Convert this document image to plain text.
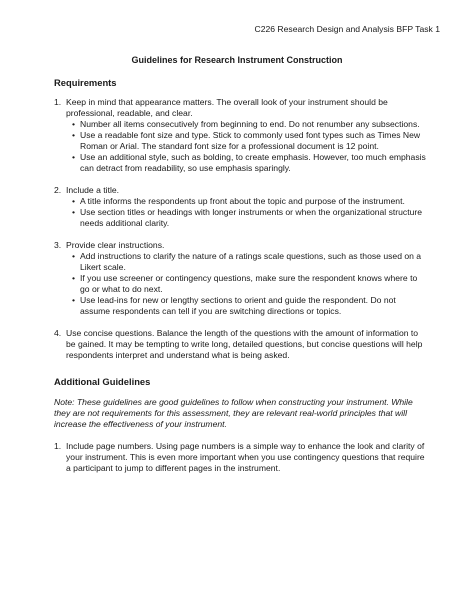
C226 Research Design and Analysis BFP Task 1
Guidelines for Research Instrument Construction
Requirements
1. Keep in mind that appearance matters. The overall look of your instrument should be professional, readable, and clear.
• Number all items consecutively from beginning to end. Do not renumber any subsections.
• Use a readable font size and type. Stick to commonly used font types such as Times New Roman or Arial. The standard font size for a professional document is 12 point.
• Use an additional style, such as bolding, to create emphasis. However, too much emphasis can detract from readability, so use emphasis sparingly.
2. Include a title.
• A title informs the respondents up front about the topic and purpose of the instrument.
• Use section titles or headings with longer instruments or when the organizational structure needs additional clarity.
3. Provide clear instructions.
• Add instructions to clarify the nature of a ratings scale questions, such as those used on a Likert scale.
• If you use screener or contingency questions, make sure the respondent knows where to go or what to do next.
• Use lead-ins for new or lengthy sections to orient and guide the respondent. Do not assume respondents can tell if you are switching directions or topics.
4. Use concise questions. Balance the length of the questions with the amount of information to be gained. It may be tempting to write long, detailed questions, but concise questions will help respondents interpret and understand what is being asked.
Additional Guidelines
Note: These guidelines are good guidelines to follow when constructing your instrument. While they are not requirements for this assessment, they are relevant real-world principles that will increase the effectiveness of your instrument.
1. Include page numbers. Using page numbers is a simple way to enhance the look and clarity of your instrument. This is even more important when you use contingency questions that require a participant to jump to different pages in the instrument.
